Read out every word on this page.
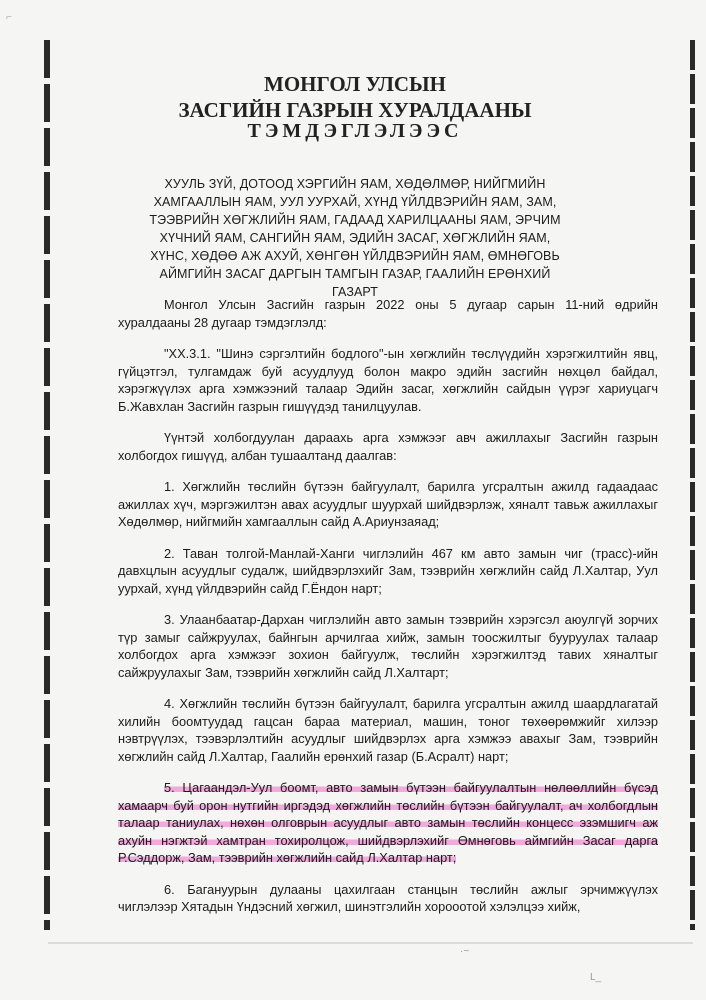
⌐
·~
L_
МОНГОЛ УЛСЫН
ЗАСГИЙН ГАЗРЫН ХУРАЛДААНЫ
ТЭМДЭГЛЭЛЭЭС
ХУУЛЬ ЗҮЙ, ДОТООД ХЭРГИЙН ЯАМ, ХӨДӨЛМӨР, НИЙГМИЙН ХАМГААЛЛЫН ЯАМ, УУЛ УУРХАЙ, ХҮНД ҮЙЛДВЭРИЙН ЯАМ, ЗАМ, ТЭЭВРИЙН ХӨГЖЛИЙН ЯАМ, ГАДААД ХАРИЛЦААНЫ ЯАМ, ЭРЧИМ ХҮЧНИЙ ЯАМ, САНГИЙН ЯАМ, ЭДИЙН ЗАСАГ, ХӨГЖЛИЙН ЯАМ, ХҮНС, ХӨДӨӨ АЖ АХУЙ, ХӨНГӨН ҮЙЛДВЭРИЙН ЯАМ, ӨМНӨГОВЬ АЙМГИЙН ЗАСАГ ДАРГЫН ТАМГЫН ГАЗАР, ГААЛИЙН ЕРӨНХИЙ ГАЗАРТ

Монгол Улсын Засгийн газрын 2022 оны 5 дугаар сарын 11-ний өдрийн хуралдааны 28 дугаар тэмдэглэлд:

"XX.3.1. "Шинэ сэргэлтийн бодлого"-ын хөгжлийн төслүүдийн хэрэгжилтийн явц, гүйцэтгэл, тулгамдаж буй асуудлууд болон макро эдийн засгийн нөхцөл байдал, хэрэгжүүлэх арга хэмжээний талаар Эдийн засаг, хөгжлийн сайдын үүрэг хариуцагч Б.Жавхлан Засгийн газрын гишүүдэд танилцуулав.

Үүнтэй холбогдуулан дараахь арга хэмжээг авч ажиллахыг Засгийн газрын холбогдох гишүүд, албан тушаалтанд даалгав:

1. Хөгжлийн төслийн бүтээн байгуулалт, барилга угсралтын ажилд гадаадаас ажиллах хүч, мэргэжилтэн авах асуудлыг шуурхай шийдвэрлэж, хяналт тавьж ажиллахыг Хөдөлмөр, нийгмийн хамгааллын сайд А.Ариунзаяад;

2. Таван толгой-Манлай-Ханги чиглэлийн 467 км авто замын чиг (трасс)-ийн давхцлын асуудлыг судалж, шийдвэрлэхийг Зам, тээврийн хөгжлийн сайд Л.Халтар, Уул уурхай, хүнд үйлдвэрийн сайд Г.Ёндон нарт;

3. Улаанбаатар-Дархан чиглэлийн авто замын тээврийн хэрэгсэл аюулгүй зорчих түр замыг сайжруулах, байнгын арчилгаа хийж, замын тоосжилтыг бууруулах талаар холбогдох арга хэмжээг зохион байгуулж, төслийн хэрэгжилтэд тавих хяналтыг сайжруулахыг Зам, тээврийн хөгжлийн сайд Л.Халтарт;

4. Хөгжлийн төслийн бүтээн байгуулалт, барилга угсралтын ажилд шаардлагатай хилийн боомтуудад гацсан бараа материал, машин, тоног төхөөрөмжийг хилээр нэвтрүүлэх, тээвэрлэлтийн асуудлыг шийдвэрлэх арга хэмжээ авахыг Зам, тээврийн хөгжлийн сайд Л.Халтар, Гаалийн ерөнхий газар (Б.Асралт) нарт;

5. Цагаандэл-Уул боомт, авто замын бүтээн байгуулалтын нөлөөллийн бүсэд хамаарч буй орон нутгийн иргэдэд хөгжлийн төслийн бүтээн байгуулалт, ач холбогдлын талаар таниулах, нөхөн олговрын асуудлыг авто замын төслийн концесс эзэмшигч аж ахуйн нэгжтэй хамтран тохиролцож, шийдвэрлэхийг Өмнөговь аймгийн Засаг дарга Р.Сэддорж, Зам, тээврийн хөгжлийн сайд Л.Халтар нарт;

6. Багануурын дулааны цахилгаан станцын төслийн ажлыг эрчимжүүлэх чиглэлээр Хятадын Үндэсний хөгжил, шинэтгэлийн хорооотой хэлэлцээ хийж,
